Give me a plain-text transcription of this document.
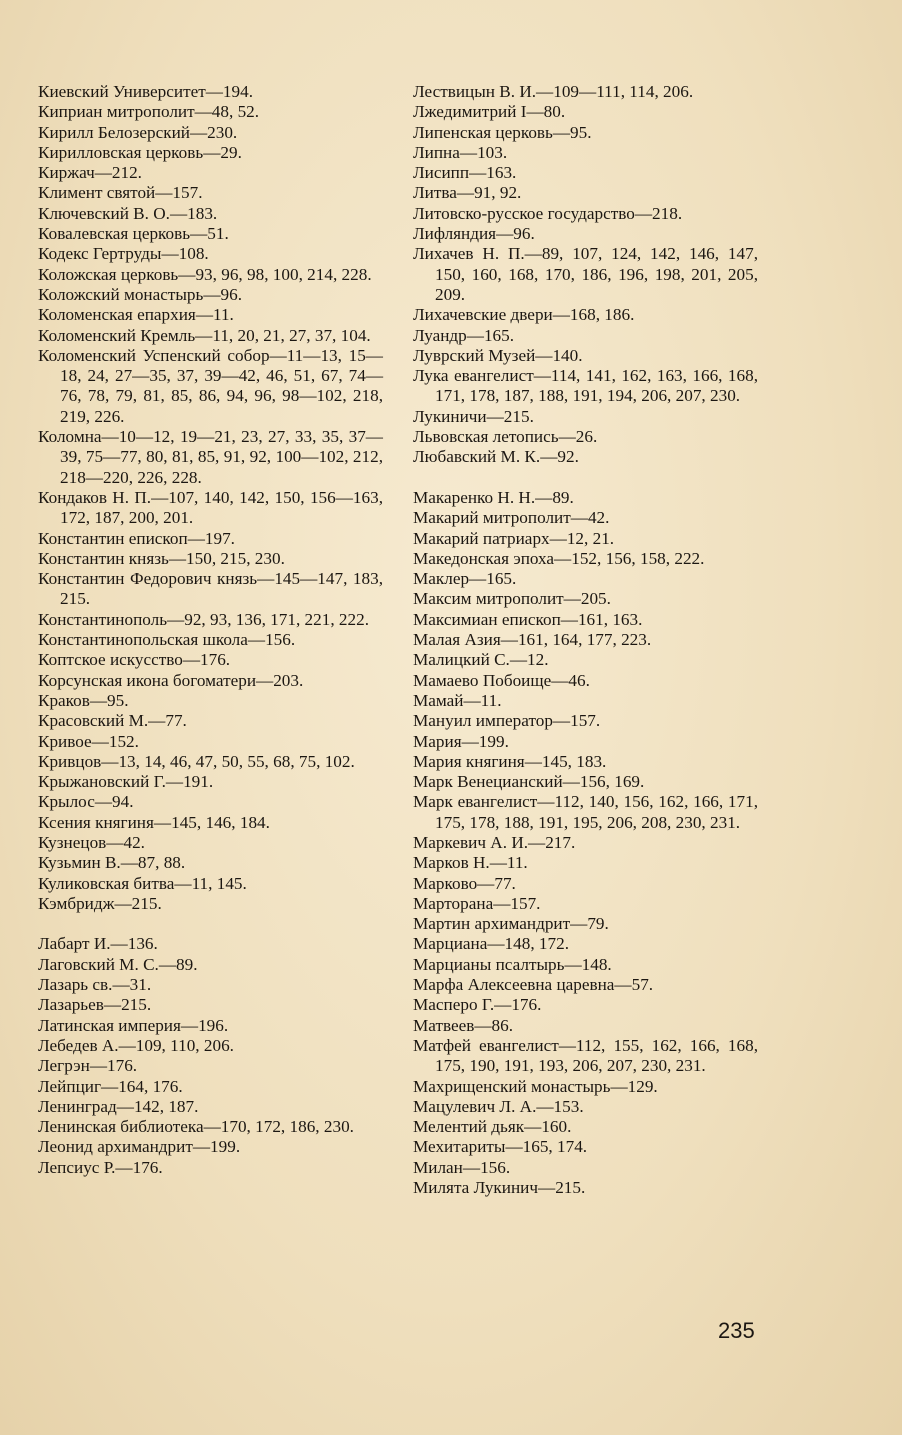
Киевский Университет—194.
Киприан митрополит—48, 52.
Кирилл Белозерский—230.
Кирилловская церковь—29.
Киржач—212.
Климент святой—157.
Ключевский В. О.—183.
Ковалевская церковь—51.
Кодекс Гертруды—108.
Коложская церковь—93, 96, 98, 100, 214, 228.
Коложский монастырь—96.
Коломенская епархия—11.
Коломенский Кремль—11, 20, 21, 27, 37, 104.
Коломенский Успенский собор—11—13, 15—18, 24, 27—35, 37, 39—42, 46, 51, 67, 74—76, 78, 79, 81, 85, 86, 94, 96, 98—102, 218, 219, 226.
Коломна—10—12, 19—21, 23, 27, 33, 35, 37—39, 75—77, 80, 81, 85, 91, 92, 100—102, 212, 218—220, 226, 228.
Кондаков Н. П.—107, 140, 142, 150, 156—163, 172, 187, 200, 201.
Константин епископ—197.
Константин князь—150, 215, 230.
Константин Федорович князь—145—147, 183, 215.
Константинополь—92, 93, 136, 171, 221, 222.
Константинопольская школа—156.
Коптское искусство—176.
Корсунская икона богоматери—203.
Краков—95.
Красовский М.—77.
Кривое—152.
Кривцов—13, 14, 46, 47, 50, 55, 68, 75, 102.
Крыжановский Г.—191.
Крылос—94.
Ксения княгиня—145, 146, 184.
Кузнецов—42.
Кузьмин В.—87, 88.
Куликовская битва—11, 145.
Кэмбридж—215.
Лабарт И.—136.
Лаговский М. С.—89.
Лазарь св.—31.
Лазарьев—215.
Латинская империя—196.
Лебедев А.—109, 110, 206.
Легрэн—176.
Лейпциг—164, 176.
Ленинград—142, 187.
Ленинская библиотека—170, 172, 186, 230.
Леонид архимандрит—199.
Лепсиус Р.—176.
Лествицын В. И.—109—111, 114, 206.
Лжедимитрий I—80.
Липенская церковь—95.
Липна—103.
Лисипп—163.
Литва—91, 92.
Литовско-русское государство—218.
Лифляндия—96.
Лихачев Н. П.—89, 107, 124, 142, 146, 147, 150, 160, 168, 170, 186, 196, 198, 201, 205, 209.
Лихачевские двери—168, 186.
Луандр—165.
Луврский Музей—140.
Лука евангелист—114, 141, 162, 163, 166, 168, 171, 178, 187, 188, 191, 194, 206, 207, 230.
Лукиничи—215.
Львовская летопись—26.
Любавский М. К.—92.
Макаренко Н. Н.—89.
Макарий митрополит—42.
Макарий патриарх—12, 21.
Македонская эпоха—152, 156, 158, 222.
Маклер—165.
Максим митрополит—205.
Максимиан епископ—161, 163.
Малая Азия—161, 164, 177, 223.
Малицкий С.—12.
Мамаево Побоище—46.
Мамай—11.
Мануил император—157.
Мария—199.
Мария княгиня—145, 183.
Марк Венецианский—156, 169.
Марк евангелист—112, 140, 156, 162, 166, 171, 175, 178, 188, 191, 195, 206, 208, 230, 231.
Маркевич А. И.—217.
Марков Н.—11.
Марково—77.
Марторана—157.
Мартин архимандрит—79.
Марциана—148, 172.
Марцианы псалтырь—148.
Марфа Алексеевна царевна—57.
Масперо Г.—176.
Матвеев—86.
Матфей евангелист—112, 155, 162, 166, 168, 175, 190, 191, 193, 206, 207, 230, 231.
Махрищенский монастырь—129.
Мацулевич Л. А.—153.
Мелентий дьяк—160.
Мехитариты—165, 174.
Милан—156.
Милята Лукинич—215.
235
